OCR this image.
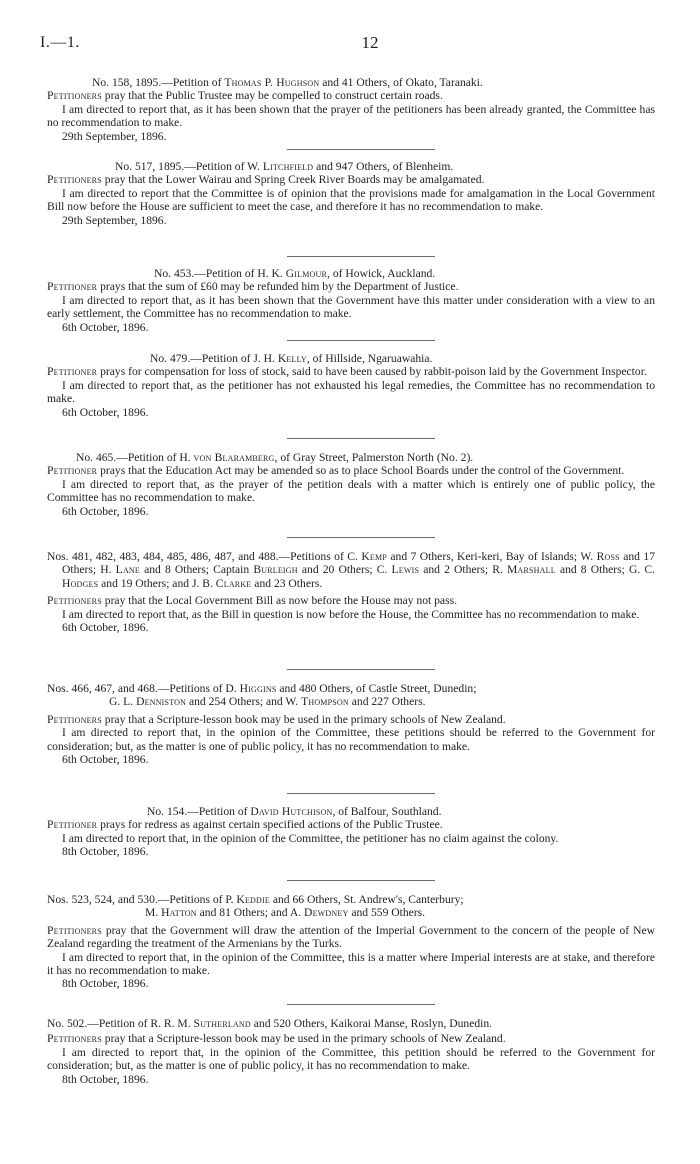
I.—1.	12
No. 158, 1895.—Petition of Thomas P. Hughson and 41 Others, of Okato, Taranaki.

Petitioners pray that the Public Trustee may be compelled to construct certain roads.

I am directed to report that, as it has been shown that the prayer of the petitioners has been already granted, the Committee has no recommendation to make.

29th September, 1896.
No. 517, 1895.—Petition of W. Litchfield and 947 Others, of Blenheim.

Petitioners pray that the Lower Wairau and Spring Creek River Boards may be amalgamated.

I am directed to report that the Committee is of opinion that the provisions made for amalgamation in the Local Government Bill now before the House are sufficient to meet the case, and therefore it has no recommendation to make.

29th September, 1896.
No. 453.—Petition of H. K. Gilmour, of Howick, Auckland.

Petitioner prays that the sum of £60 may be refunded him by the Department of Justice.

I am directed to report that, as it has been shown that the Government have this matter under consideration with a view to an early settlement, the Committee has no recommendation to make.

6th October, 1896.
No. 479.—Petition of J. H. Kelly, of Hillside, Ngaruawahia.

Petitioner prays for compensation for loss of stock, said to have been caused by rabbit-poison laid by the Government Inspector.

I am directed to report that, as the petitioner has not exhausted his legal remedies, the Committee has no recommendation to make.

6th October, 1896.
No. 465.—Petition of H. von Blaramberg, of Gray Street, Palmerston North (No. 2).

Petitioner prays that the Education Act may be amended so as to place School Boards under the control of the Government.

I am directed to report that, as the prayer of the petition deals with a matter which is entirely one of public policy, the Committee has no recommendation to make.

6th October, 1896.
Nos. 481, 482, 483, 484, 485, 486, 487, and 488.—Petitions of C. Kemp and 7 Others, Keri-keri, Bay of Islands; W. Ross and 17 Others; H. Lane and 8 Others; Captain Burleigh and 20 Others; C. Lewis and 2 Others; R. Marshall and 8 Others; G. C. Hodges and 19 Others; and J. B. Clarke and 23 Others.

Petitioners pray that the Local Government Bill as now before the House may not pass.

I am directed to report that, as the Bill in question is now before the House, the Committee has no recommendation to make.

6th October, 1896.
Nos. 466, 467, and 468.—Petitions of D. Higgins and 480 Others, of Castle Street, Dunedin;
G. L. Denniston and 254 Others; and W. Thompson and 227 Others.

Petitioners pray that a Scripture-lesson book may be used in the primary schools of New Zealand.

I am directed to report that, in the opinion of the Committee, these petitions should be referred to the Government for consideration; but, as the matter is one of public policy, it has no recommendation to make.

6th October, 1896.
No. 154.—Petition of David Hutchison, of Balfour, Southland.

Petitioner prays for redress as against certain specified actions of the Public Trustee.

I am directed to report that, in the opinion of the Committee, the petitioner has no claim against the colony.

8th October, 1896.
Nos. 523, 524, and 530.—Petitions of P. Keddie and 66 Others, St. Andrew's, Canterbury;
M. Hatton and 81 Others; and A. Dewdney and 559 Others.

Petitioners pray that the Government will draw the attention of the Imperial Government to the concern of the people of New Zealand regarding the treatment of the Armenians by the Turks.

I am directed to report that, in the opinion of the Committee, this is a matter where Imperial interests are at stake, and therefore it has no recommendation to make.

8th October, 1896.
No. 502.—Petition of R. R. M. Sutherland and 520 Others, Kaikorai Manse, Roslyn, Dunedin.

Petitioners pray that a Scripture-lesson book may be used in the primary schools of New Zealand.

I am directed to report that, in the opinion of the Committee, this petition should be referred to the Government for consideration; but, as the matter is one of public policy, it has no recommendation to make.

8th October, 1896.
